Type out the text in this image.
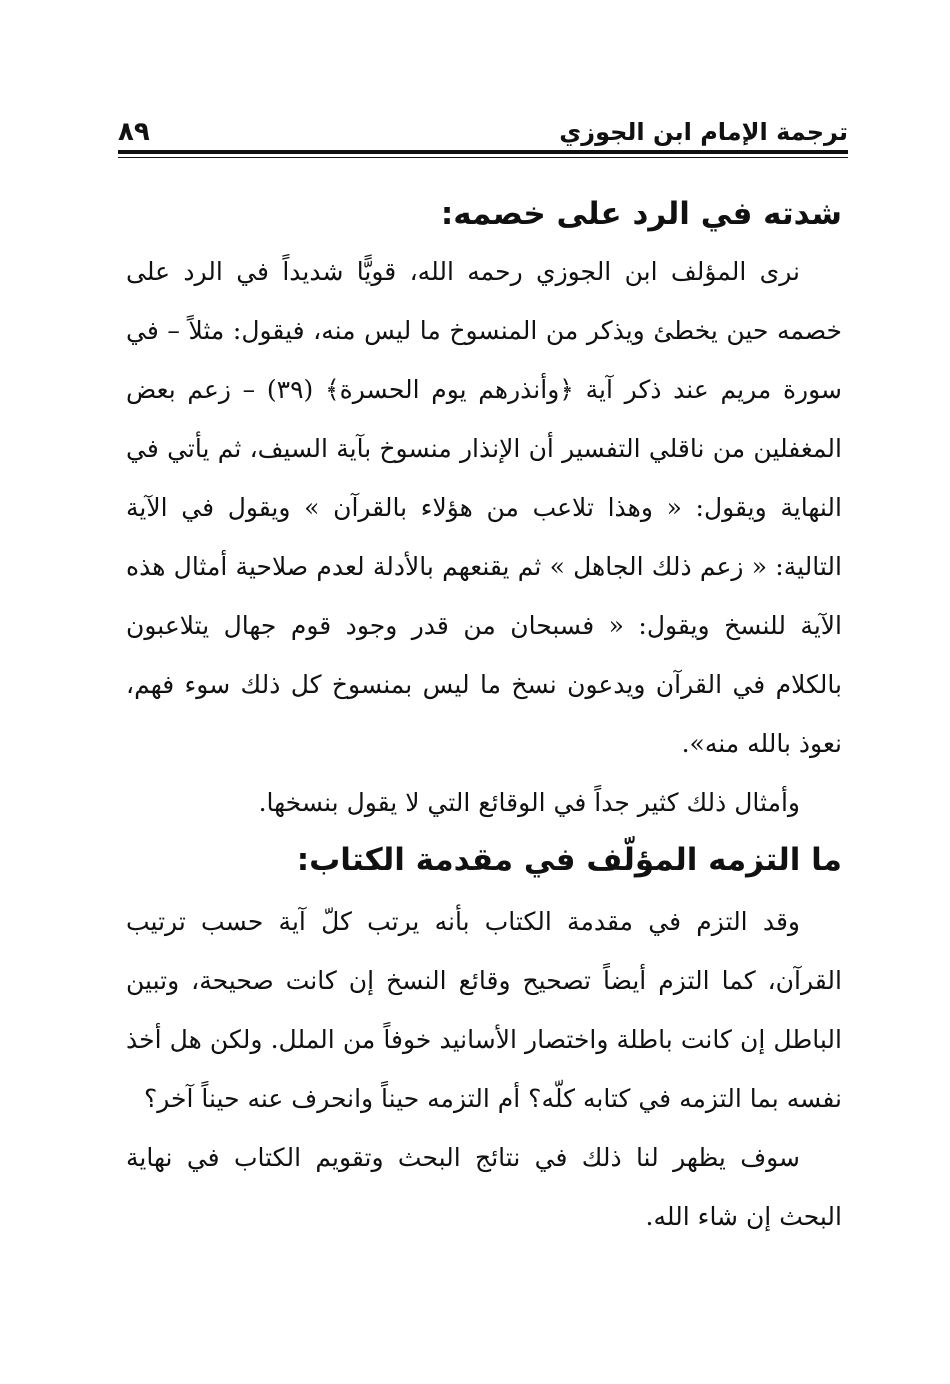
ترجمة الإمام ابن الجوزي
٨٩
شدته في الرد على خصمه:

نرى المؤلف ابن الجوزي رحمه الله، قويًّا شديداً في الرد على خصمه حين يخطئ ويذكر من المنسوخ ما ليس منه، فيقول: مثلاً – في سورة مريم عند ذكر آية ﴿وأنذرهم يوم الحسرة﴾ (٣٩) – زعم بعض المغفلين من ناقلي التفسير أن الإنذار منسوخ بآية السيف، ثم يأتي في النهاية ويقول: « وهذا تلاعب من هؤلاء بالقرآن » ويقول في الآية التالية: « زعم ذلك الجاهل » ثم يقنعهم بالأدلة لعدم صلاحية أمثال هذه الآية للنسخ ويقول: « فسبحان من قدر وجود قوم جهال يتلاعبون بالكلام في القرآن ويدعون نسخ ما ليس بمنسوخ كل ذلك سوء فهم، نعوذ بالله منه».

وأمثال ذلك كثير جداً في الوقائع التي لا يقول بنسخها.

ما التزمه المؤلّف في مقدمة الكتاب:

وقد التزم في مقدمة الكتاب بأنه يرتب كلّ آية حسب ترتيب القرآن، كما التزم أيضاً تصحيح وقائع النسخ إن كانت صحيحة، وتبين الباطل إن كانت باطلة واختصار الأسانيد خوفاً من الملل. ولكن هل أخذ نفسه بما التزمه في كتابه كلّه؟ أم التزمه حيناً وانحرف عنه حيناً آخر؟

سوف يظهر لنا ذلك في نتائج البحث وتقويم الكتاب في نهاية البحث إن شاء الله.
